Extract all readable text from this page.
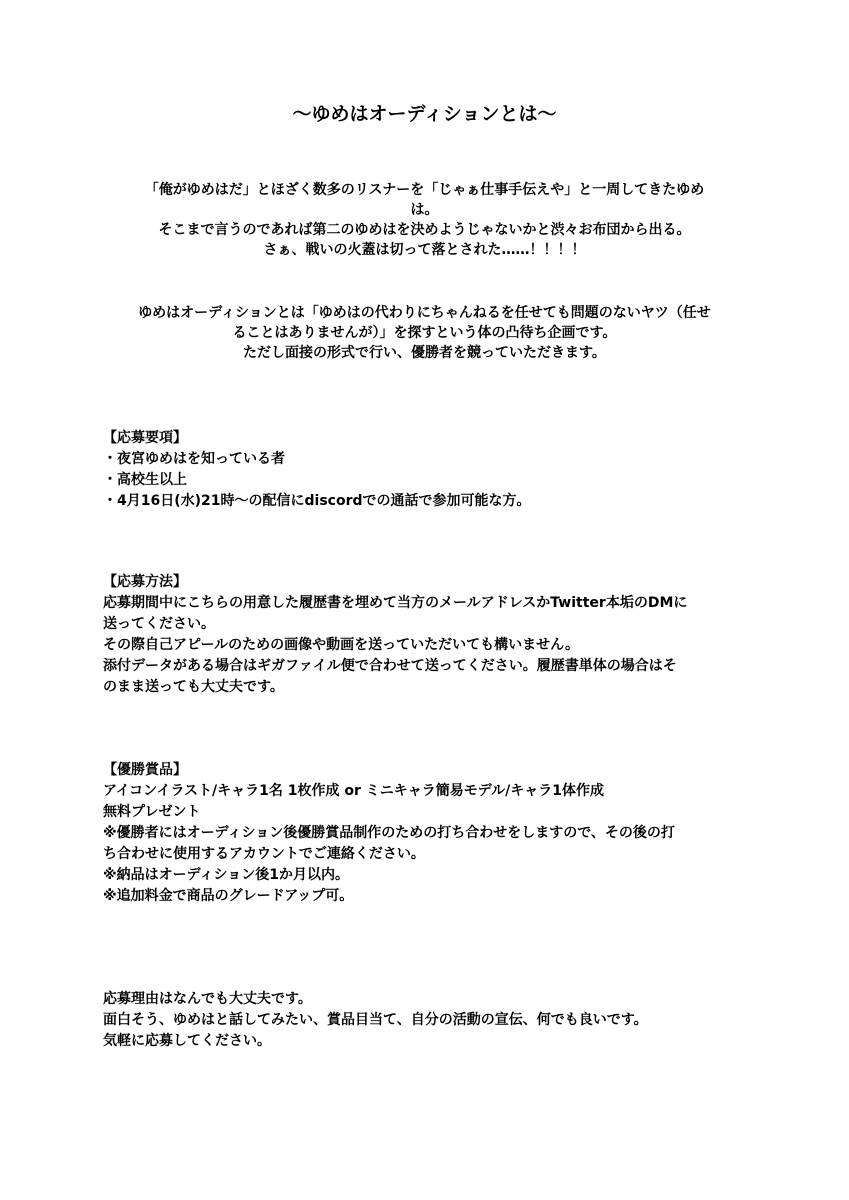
〜ゆめはオーディションとは〜

「俺がゆめはだ」とほざく数多のリスナーを「じゃぁ仕事手伝えや」と一周してきたゆめ

は。

そこまで言うのであれば第二のゆめはを決めようじゃないかと渋々お布団から出る。

さぁ、戦いの火蓋は切って落とされた……！！！！

ゆめはオーディションとは「ゆめはの代わりにちゃんねるを任せても問題のないヤツ（任せ

ることはありませんが）」を探すという体の凸待ち企画です。

ただし面接の形式で行い、優勝者を競っていただきます。

【応募要項】

・夜宮ゆめはを知っている者

・高校生以上

・4月16日(水)21時〜の配信にdiscordでの通話で参加可能な方。

【応募方法】

応募期間中にこちらの用意した履歴書を埋めて当方のメールアドレスかTwitter本垢のDMに

送ってください。

その際自己アピールのための画像や動画を送っていただいても構いません。

添付データがある場合はギガファイル便で合わせて送ってください。履歴書単体の場合はそ

のまま送っても大丈夫です。

【優勝賞品】

アイコンイラスト/キャラ1名 1枚作成 or ミニキャラ簡易モデル/キャラ1体作成

無料プレゼント

※優勝者にはオーディション後優勝賞品制作のための打ち合わせをしますので、その後の打

ち合わせに使用するアカウントでご連絡ください。

※納品はオーディション後1か月以内。

※追加料金で商品のグレードアップ可。

応募理由はなんでも大丈夫です。

面白そう、ゆめはと話してみたい、賞品目当て、自分の活動の宣伝、何でも良いです。

気軽に応募してください。
